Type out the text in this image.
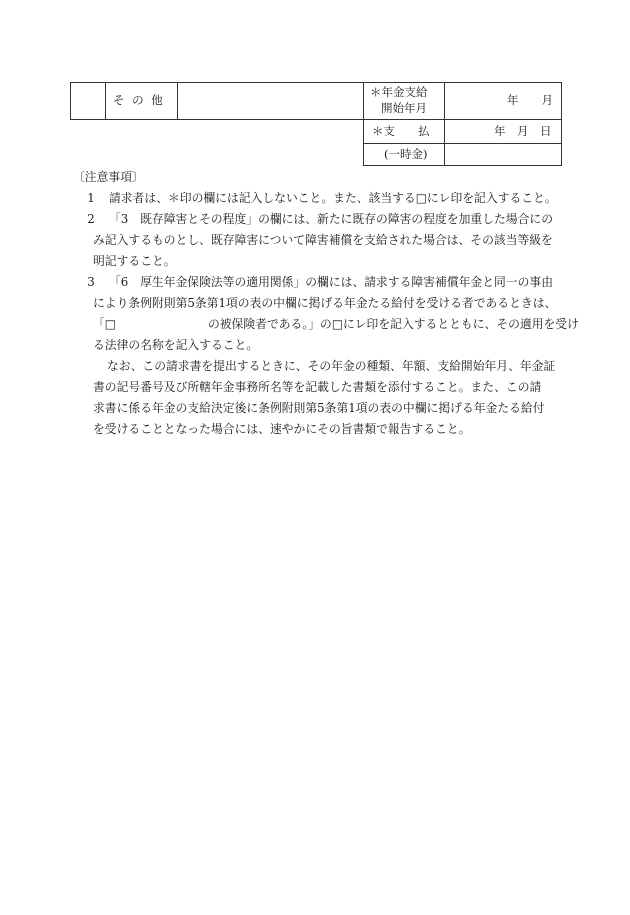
そ の 他
＊年金支給
開始年月
年　　月
＊支　　払	年　月　日
(一時金)
〔注意事項〕
1 請求者は、＊印の欄には記入しないこと。また、該当する□にレ印を記入すること。
2 「3　既存障害とその程度」の欄には、新たに既存の障害の程度を加重した場合にの
み記入するものとし、既存障害について障害補償を支給された場合は、その該当等級を
明記すること。
3 「6　厚生年金保険法等の適用関係」の欄には、請求する障害補償年金と同一の事由
により条例附則第5条第1項の表の中欄に掲げる年金たる給付を受ける者であるときは、
「□	の被保険者である。」の□にレ印を記入するとともに、その適用を受け
る法律の名称を記入すること。
なお、この請求書を提出するときに、その年金の種類、年額、支給開始年月、年金証
書の記号番号及び所轄年金事務所名等を記載した書類を添付すること。また、この請
求書に係る年金の支給決定後に条例附則第5条第1項の表の中欄に掲げる年金たる給付
を受けることとなった場合には、速やかにその旨書類で報告すること。
